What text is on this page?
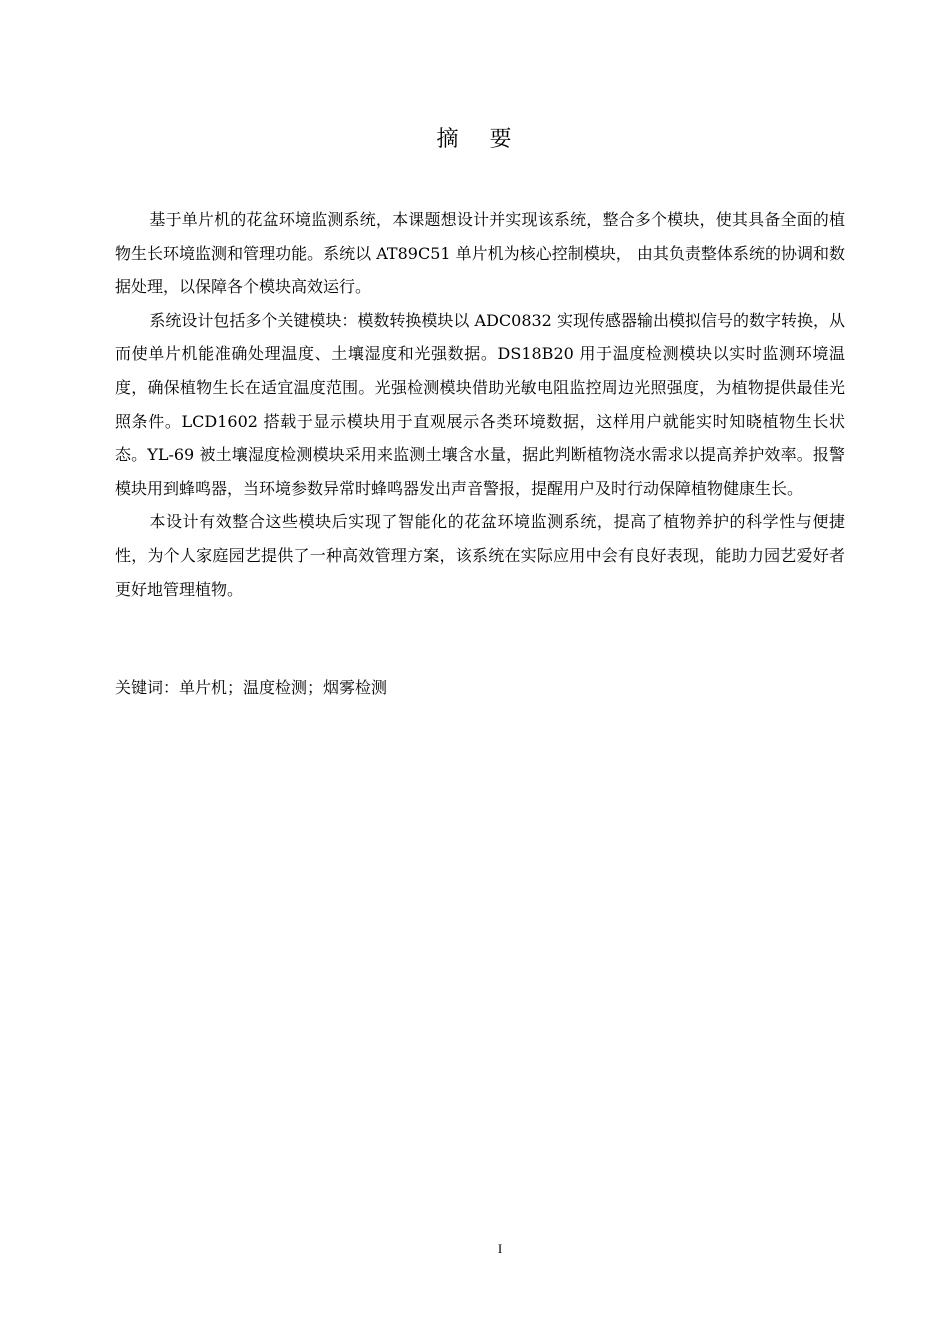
摘 要

基于单片机的花盆环境监测系统，本课题想设计并实现该系统，整合多个模块，使其具备全面的植物生长环境监测和管理功能。系统以 AT89C51 单片机为核心控制模块， 由其负责整体系统的协调和数据处理，以保障各个模块高效运行。

系统设计包括多个关键模块：模数转换模块以 ADC0832 实现传感器输出模拟信号的数字转换，从而使单片机能准确处理温度、土壤湿度和光强数据。DS18B20 用于温度检测模块以实时监测环境温度，确保植物生长在适宜温度范围。光强检测模块借助光敏电阻监控周边光照强度，为植物提供最佳光照条件。LCD1602 搭载于显示模块用于直观展示各类环境数据，这样用户就能实时知晓植物生长状态。YL-69 被土壤湿度检测模块采用来监测土壤含水量，据此判断植物浇水需求以提高养护效率。报警模块用到蜂鸣器，当环境参数异常时蜂鸣器发出声音警报，提醒用户及时行动保障植物健康生长。

本设计有效整合这些模块后实现了智能化的花盆环境监测系统，提高了植物养护的科学性与便捷性，为个人家庭园艺提供了一种高效管理方案，该系统在实际应用中会有良好表现，能助力园艺爱好者更好地管理植物。

关键词：单片机；温度检测；烟雾检测
I
